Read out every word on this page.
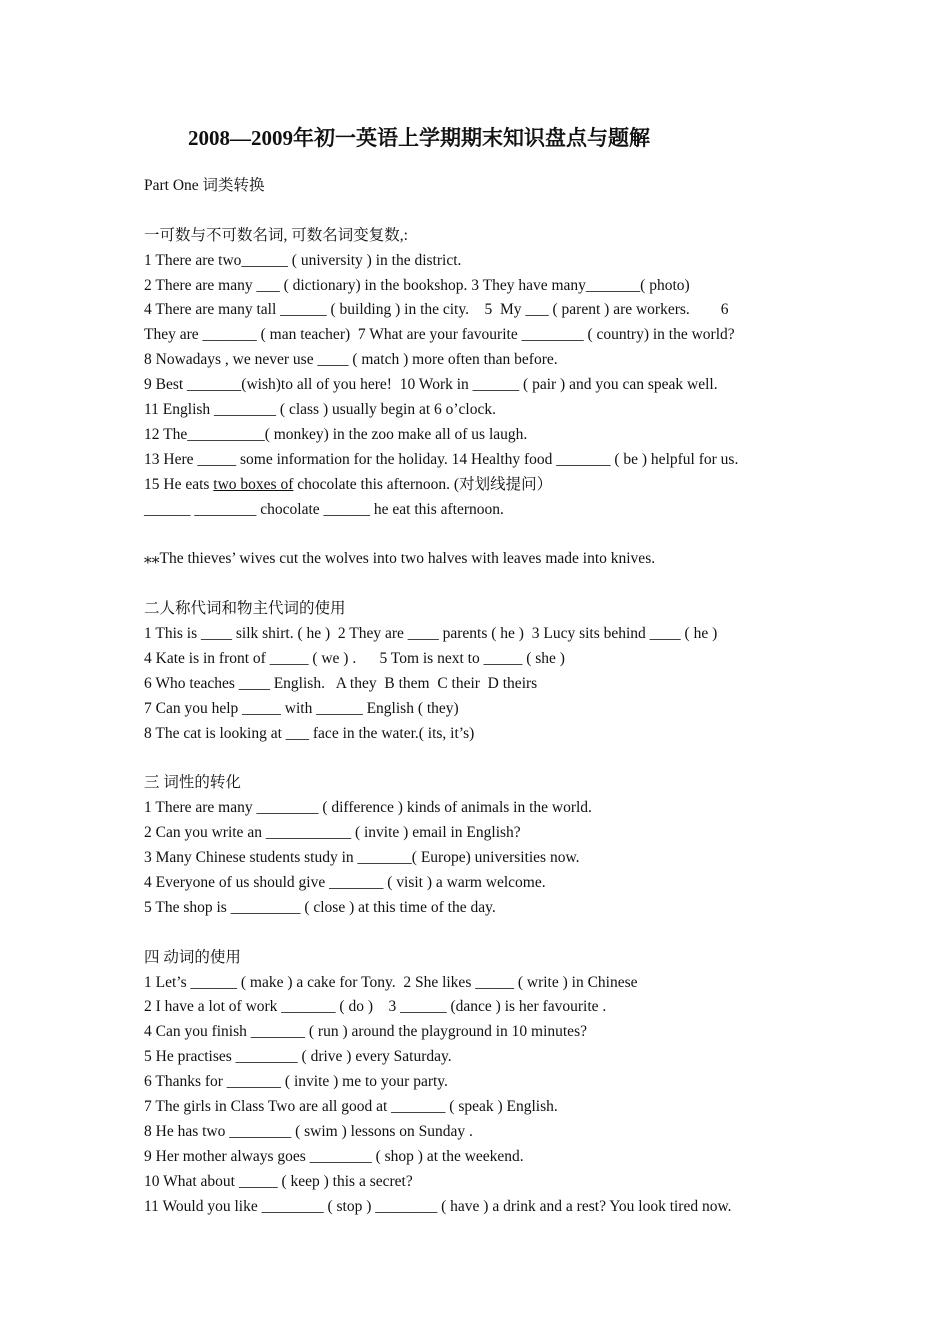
2008—2009年初一英语上学期期末知识盘点与题解
Part One 词类转换
一可数与不可数名词, 可数名词变复数,:
1 There are two______ ( university ) in the district.
2 There are many ___ ( dictionary) in the bookshop. 3 They have many_______( photo)
4 There are many tall ______ ( building ) in the city.    5  My ___ ( parent ) are workers.        6
They are _______ ( man teacher)  7 What are your favourite ________ ( country) in the world?
8 Nowadays , we never use ____ ( match ) more often than before.
9 Best _______(wish)to all of you here!  10 Work in ______ ( pair ) and you can speak well.
11 English ________ ( class ) usually begin at 6 o’clock.
12 The__________( monkey) in the zoo make all of us laugh.
13 Here _____ some information for the holiday. 14 Healthy food _______ ( be ) helpful for us.
15 He eats two boxes of chocolate this afternoon. (对划线提问）
______ ________ chocolate ______ he eat this afternoon.
⁎⁎The thieves’ wives cut the wolves into two halves with leaves made into knives.
二人称代词和物主代词的使用
1 This is ____ silk shirt. ( he )  2 They are ____ parents ( he )  3 Lucy sits behind ____ ( he )
4 Kate is in front of _____ ( we ) .      5 Tom is next to _____ ( she )
6 Who teaches ____ English.   A they  B them  C their  D theirs
7 Can you help _____ with ______ English ( they)
8 The cat is looking at ___ face in the water.( its, it’s)
三 词性的转化
1 There are many ________ ( difference ) kinds of animals in the world.
2 Can you write an ___________ ( invite ) email in English?
3 Many Chinese students study in _______( Europe) universities now.
4 Everyone of us should give _______ ( visit ) a warm welcome.
5 The shop is _________ ( close ) at this time of the day.
四 动词的使用
1 Let’s ______ ( make ) a cake for Tony.  2 She likes _____ ( write ) in Chinese
2 I have a lot of work _______ ( do )    3 ______ (dance ) is her favourite .
4 Can you finish _______ ( run ) around the playground in 10 minutes?
5 He practises ________ ( drive ) every Saturday.
6 Thanks for _______ ( invite ) me to your party.
7 The girls in Class Two are all good at _______ ( speak ) English.
8 He has two ________ ( swim ) lessons on Sunday .
9 Her mother always goes ________ ( shop ) at the weekend.
10 What about _____ ( keep ) this a secret?
11 Would you like ________ ( stop ) ________ ( have ) a drink and a rest? You look tired now.
